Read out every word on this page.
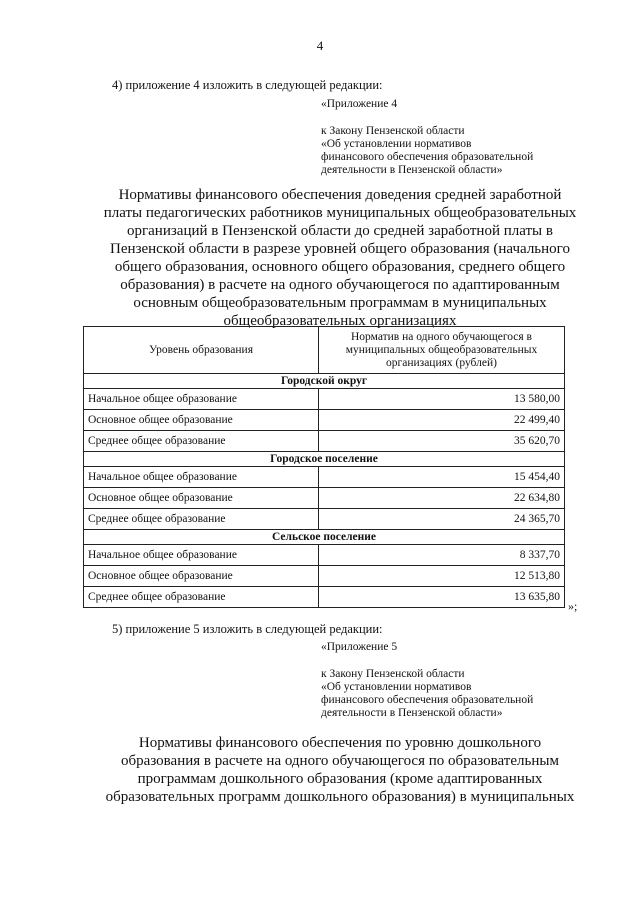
4
4) приложение 4 изложить в следующей редакции:
«Приложение 4
к Закону Пензенской области
«Об установлении нормативов
финансового обеспечения образовательной
деятельности в Пензенской области»
Нормативы финансового обеспечения доведения средней заработной
платы педагогических работников муниципальных общеобразовательных
организаций в Пензенской области до средней заработной платы в
Пензенской области в разрезе уровней общего образования (начального
общего образования, основного общего образования, среднего общего
образования) в расчете на одного обучающегося по адаптированным
основным общеобразовательным программам в муниципальных
общеобразовательных организациях
Уровень образования	Норматив на одного обучающегося в муниципальных общеобразовательных организациях (рублей)
Городской округ	
Начальное общее образование	13 580,00
Основное общее образование	22 499,40
Среднее общее образование	35 620,70
Городское поселение	
Начальное общее образование	15 454,40
Основное общее образование	22 634,80
Среднее общее образование	24 365,70
Сельское поселение	
Начальное общее образование	8 337,70
Основное общее образование	12 513,80
Среднее общее образование	13 635,80
»;
5) приложение 5 изложить в следующей редакции:
«Приложение 5
к Закону Пензенской области
«Об установлении нормативов
финансового обеспечения образовательной
деятельности в Пензенской области»
Нормативы финансового обеспечения по уровню дошкольного
образования в расчете на одного обучающегося по образовательным
программам дошкольного образования (кроме адаптированных
образовательных программ дошкольного образования) в муниципальных
